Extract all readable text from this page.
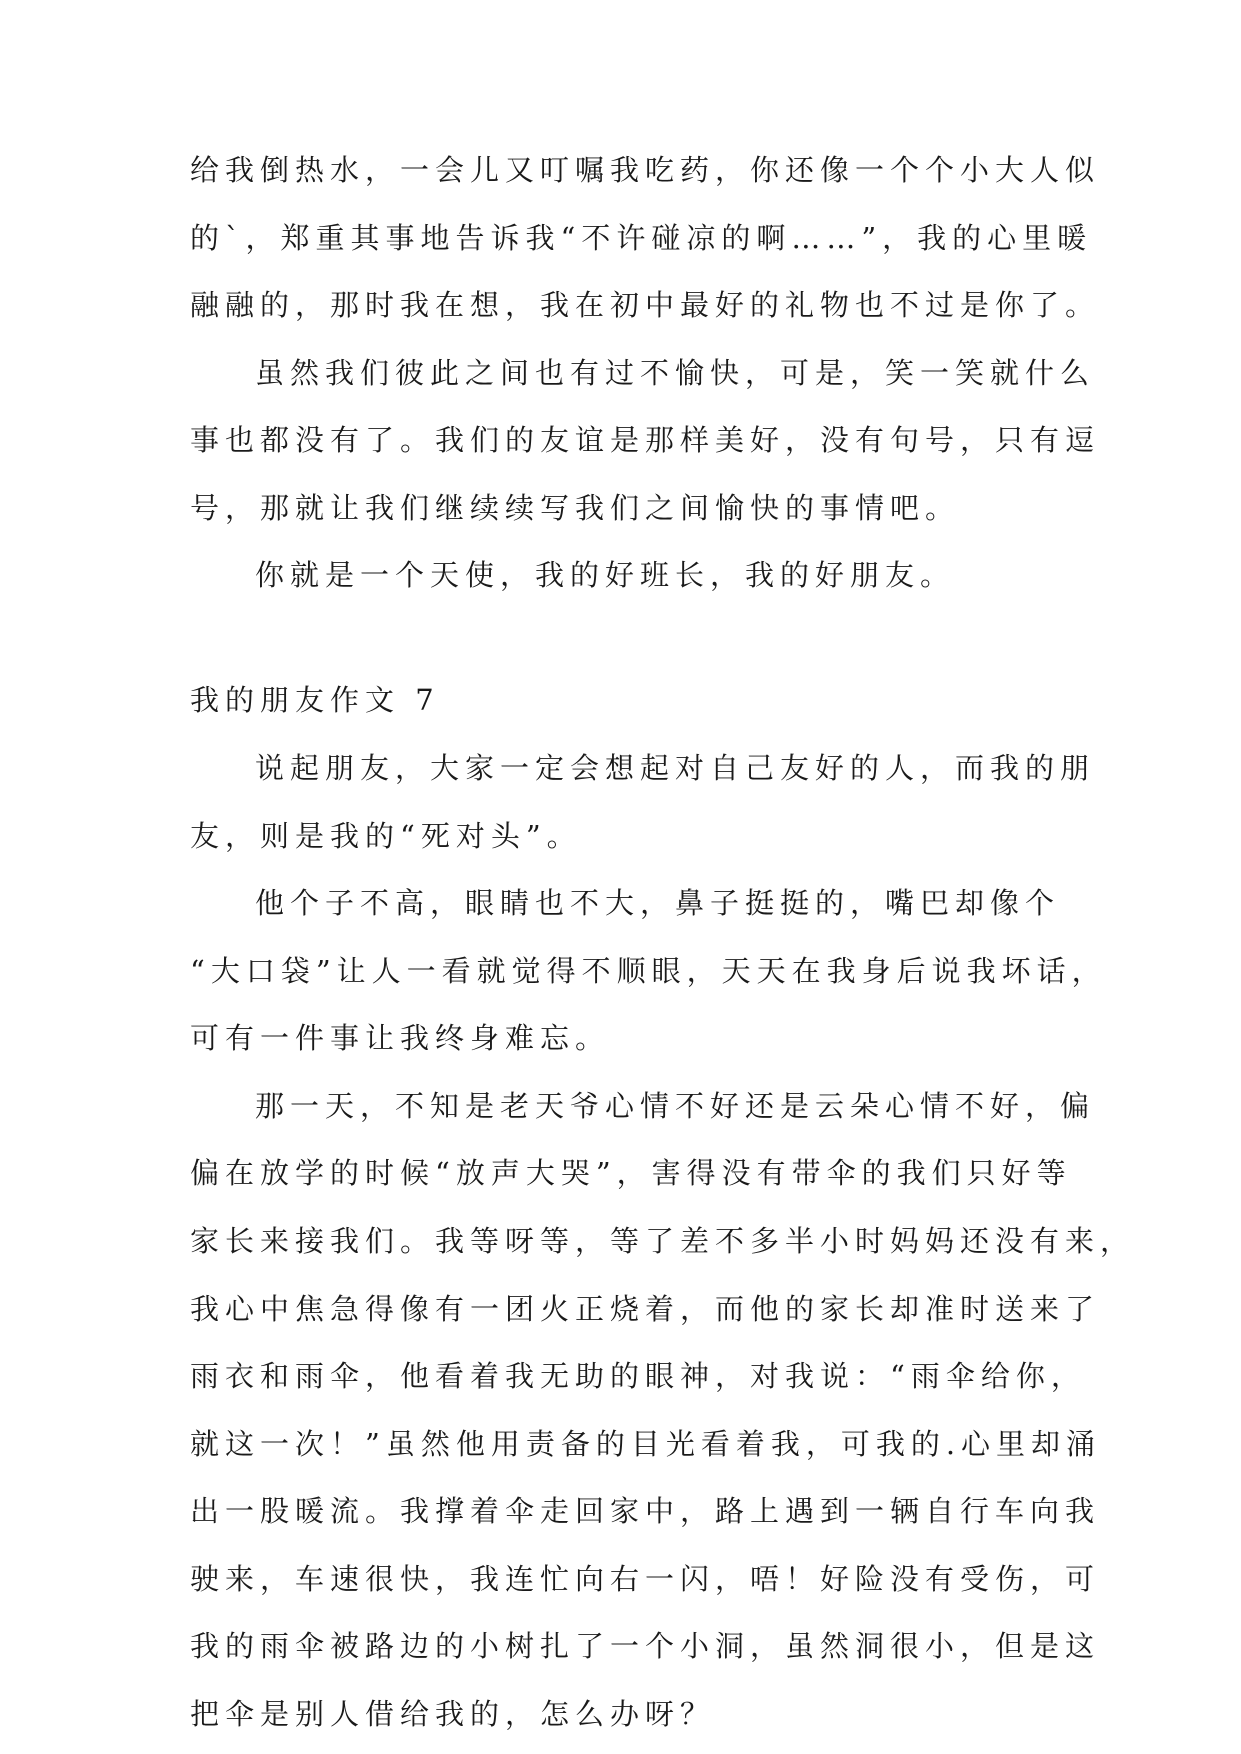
给我倒热水，一会儿又叮嘱我吃药，你还像一个个小大人似
的`，郑重其事地告诉我“不许碰凉的啊……”，我的心里暖
融融的，那时我在想，我在初中最好的礼物也不过是你了。
虽然我们彼此之间也有过不愉快，可是，笑一笑就什么
事也都没有了。我们的友谊是那样美好，没有句号，只有逗
号，那就让我们继续续写我们之间愉快的事情吧。
你就是一个天使，我的好班长，我的好朋友。
我的朋友作文 7
说起朋友，大家一定会想起对自己友好的人，而我的朋
友，则是我的“死对头”。
他个子不高，眼睛也不大，鼻子挺挺的，嘴巴却像个
“大口袋”让人一看就觉得不顺眼，天天在我身后说我坏话，
可有一件事让我终身难忘。
那一天，不知是老天爷心情不好还是云朵心情不好，偏
偏在放学的时候“放声大哭”，害得没有带伞的我们只好等
家长来接我们。我等呀等，等了差不多半小时妈妈还没有来，
我心中焦急得像有一团火正烧着，而他的家长却准时送来了
雨衣和雨伞，他看着我无助的眼神，对我说：“雨伞给你，
就这一次！”虽然他用责备的目光看着我，可我的.心里却涌
出一股暖流。我撑着伞走回家中，路上遇到一辆自行车向我
驶来，车速很快，我连忙向右一闪，唔！好险没有受伤，可
我的雨伞被路边的小树扎了一个小洞，虽然洞很小，但是这
把伞是别人借给我的，怎么办呀？
